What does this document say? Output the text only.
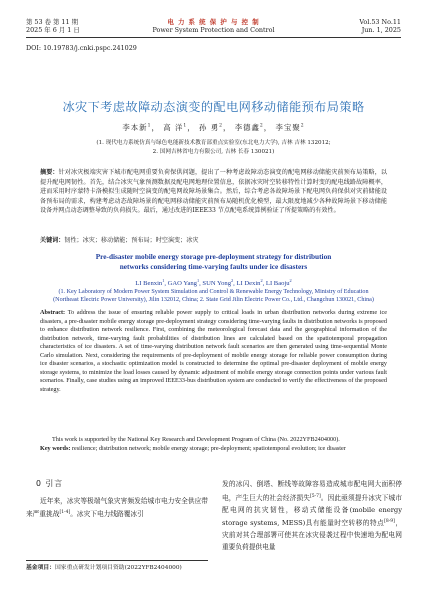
第 53 卷 第 11 期
2025 年 6 月 1 日
电 力 系 统 保 护 与 控 制
Power System Protection and Control
Vol.53 No.11
Jun. 1, 2025
DOI: 10.19783/j.cnki.pspc.241029
冰灾下考虑故障动态演变的配电网移动储能预布局策略
李本新$^1$， 高 洋$^1$， 孙 勇$^2$， 李德鑫$^2$， 李宝聚$^2$
(1. 现代电力系统仿真与绿色电能新技术教育部重点实验室(东北电力大学), 吉林 吉林 132012;
2. 国网吉林省电力有限公司, 吉林 长春 130021)
摘要：针对冰灾极端灾害下城市配电网重要负荷保供问题，提出了一种考虑故障动态演变的配电网移动储能灾前预布局策略，以提升配电网韧性。首先，结合冰灾气象预测数据及配电网地理位置信息，依据冰灾时空转移特性计算时变的配电线路故障概率，进而采用时序蒙特卡洛模拟生成随时空演变的配电网故障场景集合。然后，综合考虑各故障场景下配电网负荷保供对灾前储能设备预布局的需求，构建考虑动态故障场景的配电网移动储能灾前预布局随机优化模型，最大限度地减少各种故障场景下移动储能设备并网点动态调整导致的负荷损失。最后，通过改进的IEEE33 节点配电系统算例验证了所提策略的有效性。
关键词：韧性；冰灾；移动储能；预布局；时空演变；冰灾
Pre-disaster mobile energy storage pre-deployment strategy for distribution
networks considering time-varying faults under ice disasters
LI Benxin$^1$, GAO Yang$^1$, SUN Yong$^2$, LI Dexin$^2$, LI Baoju$^2$
(1. Key Laboratory of Modern Power System Simulation and Control & Renewable Energy Technology, Ministry of Education
(Northeast Electric Power University), Jilin 132012, China; 2. State Grid Jilin Electric Power Co., Ltd., Changchun 130021, China)
Abstract: To address the issue of ensuring reliable power supply to critical loads in urban distribution networks during extreme ice disasters, a pre-disaster mobile energy storage pre-deployment strategy considering time-varying faults in distribution networks is proposed to enhance distribution network resilience. First, combining the meteorological forecast data and the geographical information of the distribution network, time-varying fault probabilities of distribution lines are calculated based on the spatiotemporal propagation characteristics of ice disasters. A set of time-varying distribution network fault scenarios are then generated using time-sequential Monte Carlo simulation. Next, considering the requirements of pre-deployment of mobile energy storage for reliable power consumption during ice disaster scenarios, a stochastic optimization model is constructed to determine the optimal pre-disaster deployment of mobile energy storage systems, to minimize the load losses caused by dynamic adjustment of mobile energy storage connection points under various fault scenarios. Finally, case studies using an improved IEEE33-bus distribution system are conducted to verify the effectiveness of the proposed strategy.
This work is supported by the National Key Research and Development Program of China (No. 2022YFB2404000).
Key words: resilience; distribution network; mobile energy storage; pre-deployment; spatiotemporal evolution; ice disaster
0 引言

近年来，冰灾等极端气象灾害频发给城市电力安全供应带来严重挑战[1-4]。冰灾下电力线路覆冰引

发的冰闪、倒塔、断线等故障容易造成城市配电网大面积停电，产生巨大的社会经济损失[5-7]。因此亟须提升冰灾下城市配电网的抗灾韧性，移动式储能设备(mobile energy storage systems, MESS)具有能量时空转移的特点[8-9]，灾前对其合理部署可使其在冰灾侵袭过程中快速地为配电网重要负荷提供电量
基金项目：国家重点研发计划项目资助(2022YFB2404000)
